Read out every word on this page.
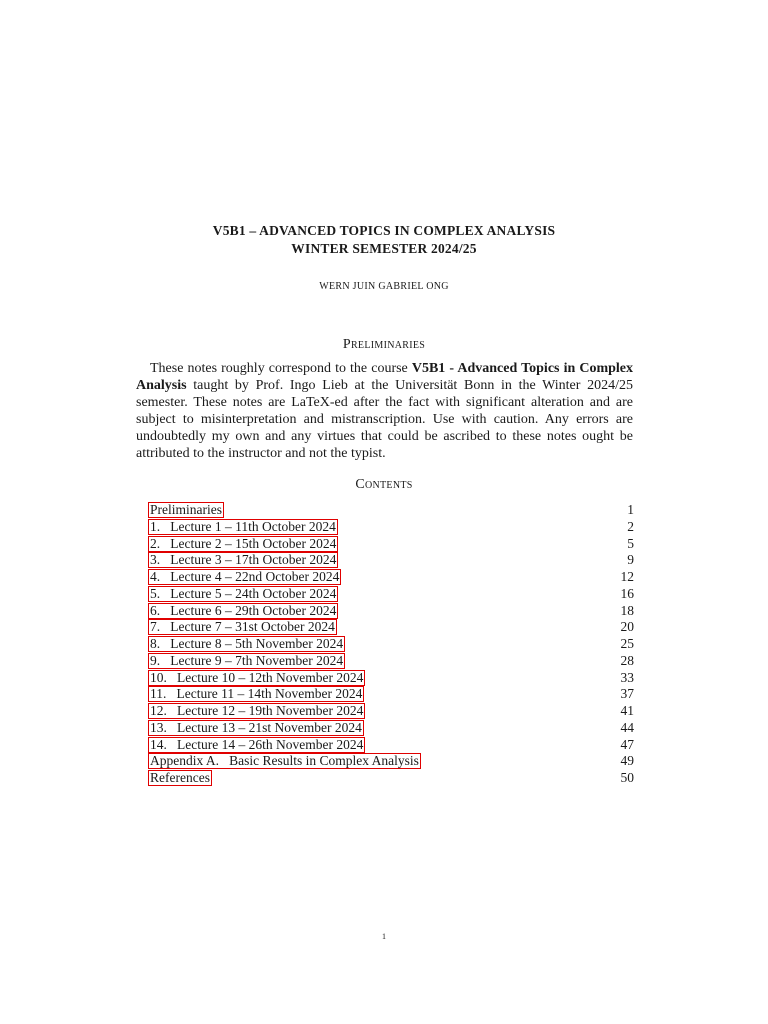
V5B1 – ADVANCED TOPICS IN COMPLEX ANALYSIS
WINTER SEMESTER 2024/25
WERN JUIN GABRIEL ONG
Preliminaries

These notes roughly correspond to the course V5B1 - Advanced Topics in Complex Analysis taught by Prof. Ingo Lieb at the Universität Bonn in the Winter 2024/25 semester. These notes are LaTeX-ed after the fact with significant alteration and are subject to misinterpretation and mistranscription. Use with caution. Any errors are undoubtedly my own and any virtues that could be ascribed to these notes ought be attributed to the instructor and not the typist.

Contents
Preliminaries	1
1.   Lecture 1 – 11th October 2024	2
2.   Lecture 2 – 15th October 2024	5
3.   Lecture 3 – 17th October 2024	9
4.   Lecture 4 – 22nd October 2024	12
5.   Lecture 5 – 24th October 2024	16
6.   Lecture 6 – 29th October 2024	18
7.   Lecture 7 – 31st October 2024	20
8.   Lecture 8 – 5th November 2024	25
9.   Lecture 9 – 7th November 2024	28
10.   Lecture 10 – 12th November 2024	33
11.   Lecture 11 – 14th November 2024	37
12.   Lecture 12 – 19th November 2024	41
13.   Lecture 13 – 21st November 2024	44
14.   Lecture 14 – 26th November 2024	47
Appendix A.   Basic Results in Complex Analysis	49
References	50
1
